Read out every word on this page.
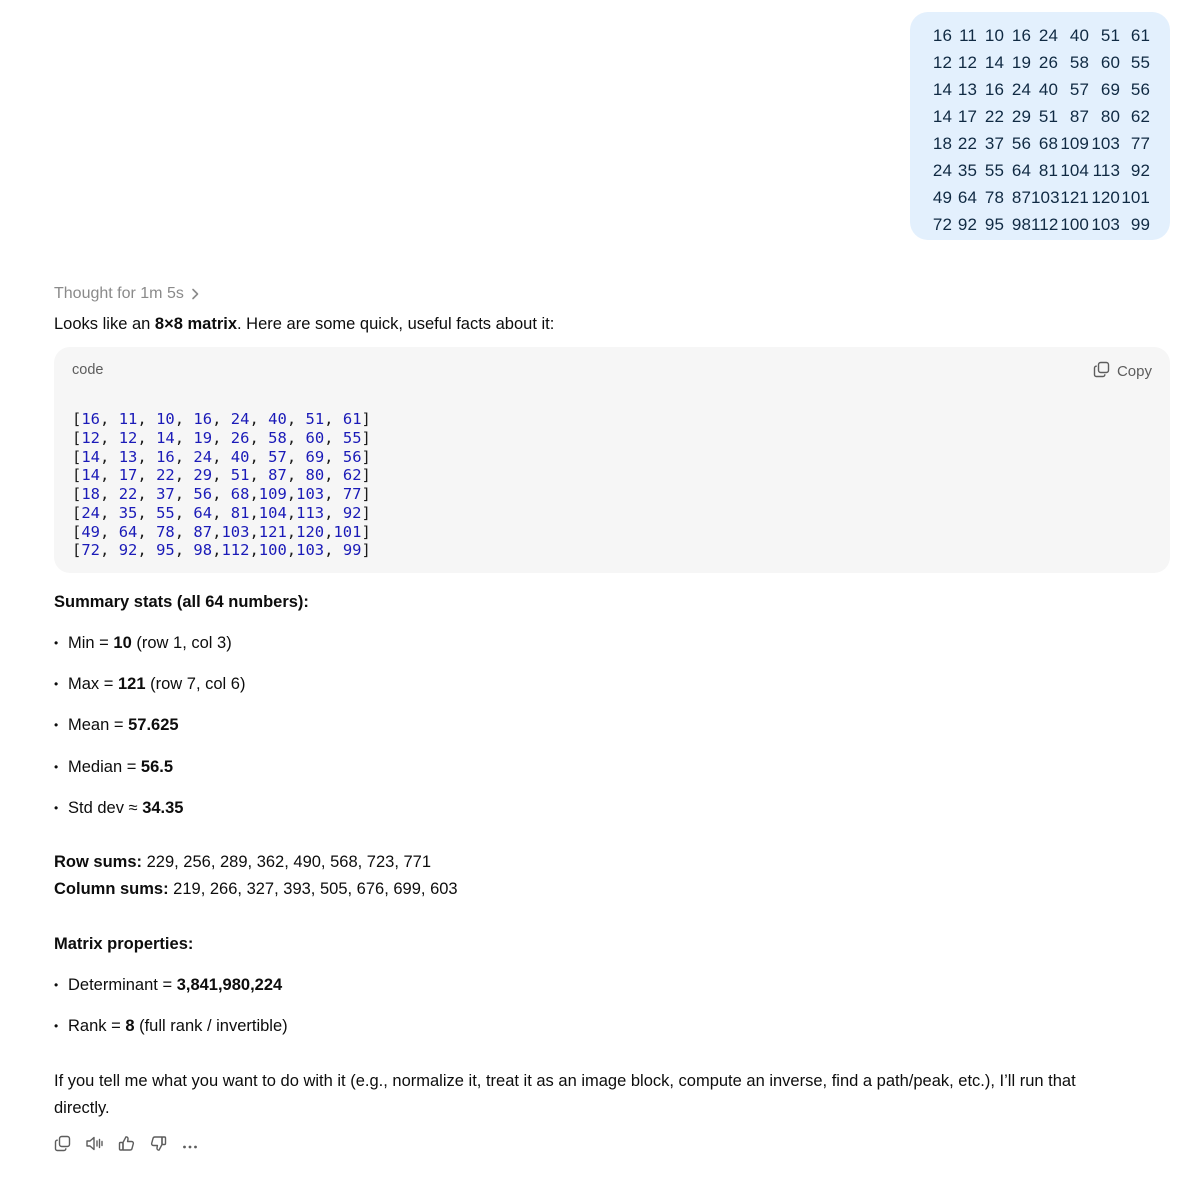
16 11 10 16 24 40 51 61
12 12 14 19 26 58 60 55
14 13 16 24 40 57 69 56
14 17 22 29 51 87 80 62
18 22 37 56 68 109 103 77
24 35 55 64 81 104 113 92
49 64 78 87103121 120101
72 92 95 98112 100 103 99
Thought for 1m 5s
Looks like an 8×8 matrix. Here are some quick, useful facts about it:
code	Copy
[16, 11, 10, 16, 24, 40, 51, 61]
[12, 12, 14, 19, 26, 58, 60, 55]
[14, 13, 16, 24, 40, 57, 69, 56]
[14, 17, 22, 29, 51, 87, 80, 62]
[18, 22, 37, 56, 68,109,103, 77]
[24, 35, 55, 64, 81,104,113, 92]
[49, 64, 78, 87,103,121,120,101]
[72, 92, 95, 98,112,100,103, 99]
Summary stats (all 64 numbers):
• Min = 10 (row 1, col 3)
• Max = 121 (row 7, col 6)
• Mean = 57.625
• Median = 56.5
• Std dev ≈ 34.35
Row sums: 229, 256, 289, 362, 490, 568, 723, 771
Column sums: 219, 266, 327, 393, 505, 676, 699, 603
Matrix properties:
• Determinant = 3,841,980,224
• Rank = 8 (full rank / invertible)
If you tell me what you want to do with it (e.g., normalize it, treat it as an image block, compute an inverse, find a path/peak, etc.), I’ll run that
directly.
